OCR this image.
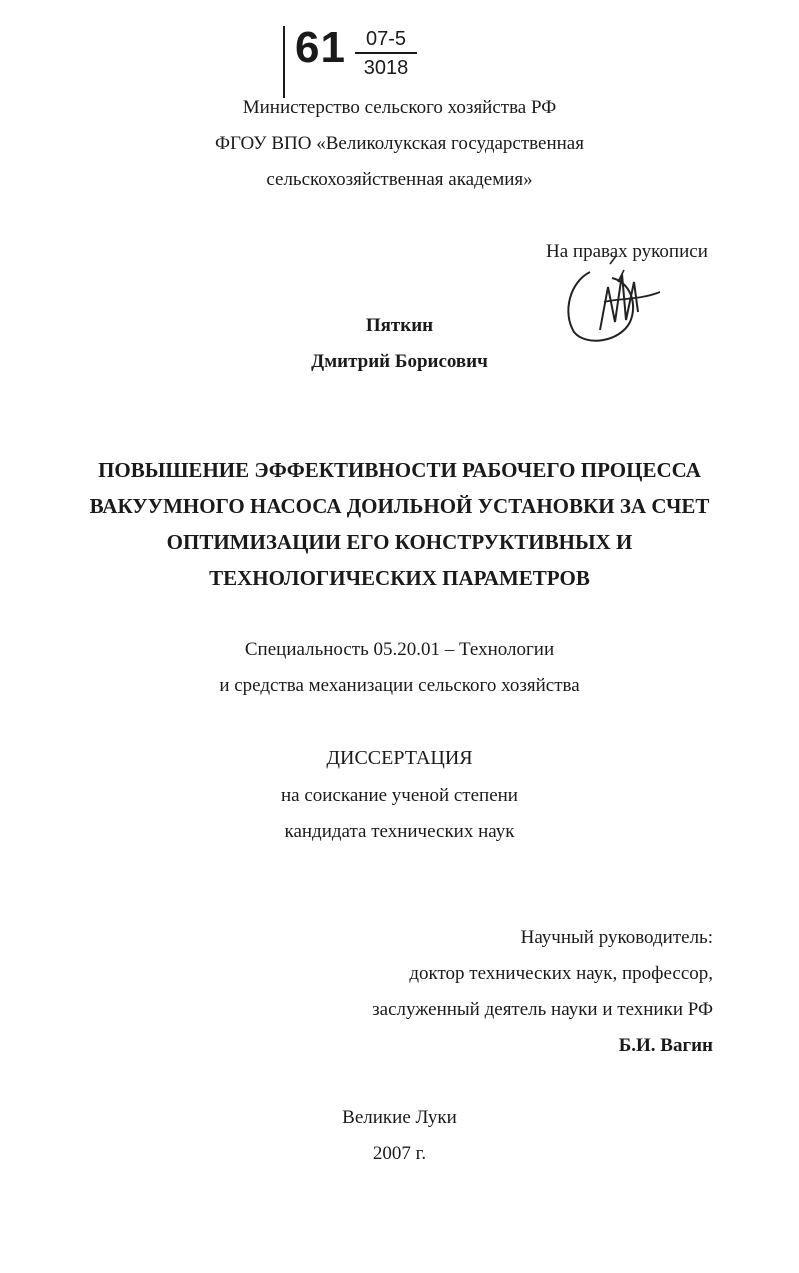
61	07-5
3018
Министерство сельского хозяйства РФ
ФГОУ ВПО «Великолукская государственная
сельскохозяйственная академия»
На правах рукописи
Пяткин
Дмитрий Борисович
ПОВЫШЕНИЕ ЭФФЕКТИВНОСТИ РАБОЧЕГО ПРОЦЕССА
ВАКУУМНОГО НАСОСА ДОИЛЬНОЙ УСТАНОВКИ ЗА СЧЕТ
ОПТИМИЗАЦИИ ЕГО КОНСТРУКТИВНЫХ И
ТЕХНОЛОГИЧЕСКИХ ПАРАМЕТРОВ
Специальность 05.20.01 – Технологии
и средства механизации сельского хозяйства
ДИССЕРТАЦИЯ
на соискание ученой степени
кандидата технических наук
Научный руководитель:
доктор технических наук, профессор,
заслуженный деятель науки и техники РФ
Б.И. Вагин
Великие Луки
2007 г.
